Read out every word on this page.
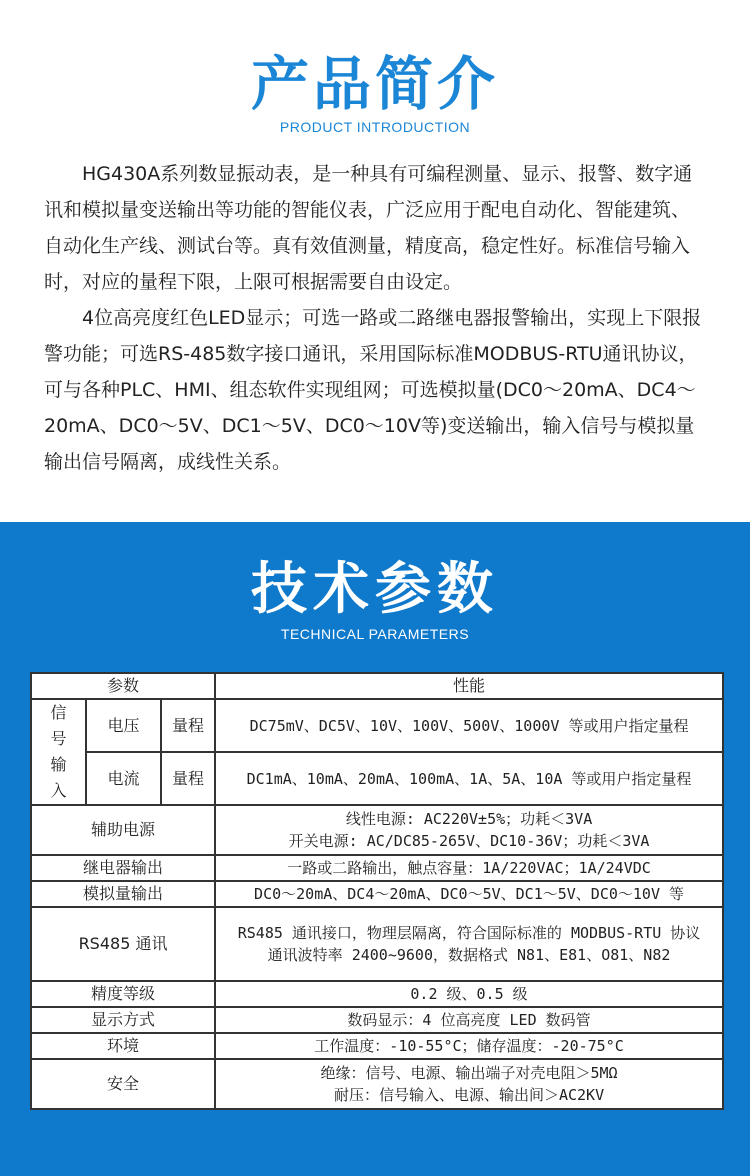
产品简介
PRODUCT INTRODUCTION

HG430A系列数显振动表，是一种具有可编程测量、显示、报警、数字通讯和模拟量变送输出等功能的智能仪表，广泛应用于配电自动化、智能建筑、自动化生产线、测试台等。真有效值测量，精度高，稳定性好。标准信号输入时，对应的量程下限，上限可根据需要自由设定。

4位高亮度红色LED显示；可选一路或二路继电器报警输出，实现上下限报警功能；可选RS-485数字接口通讯，采用国际标准MODBUS-RTU通讯协议，可与各种PLC、HMI、组态软件实现组网；可选模拟量(DC0～20mA、DC4～20mA、DC0～5V、DC1～5V、DC0～10V等)变送输出，输入信号与模拟量输出信号隔离，成线性关系。

技术参数
TECHNICAL PARAMETERS
参数			性能

信
号
输
入	电压	量程	DC75mV、DC5V、10V、100V、500V、1000V 等或用户指定量程
	电流	量程	DC1mA、10mA、20mA、100mA、1A、5A、10A 等或用户指定量程
辅助电源			线性电源: AC220V±5%；功耗＜3VA
开关电源: AC/DC85-265V、DC10-36V；功耗＜3VA

继电器输出			一路或二路输出，触点容量：1A/220VAC；1A/24VDC
模拟量输出			DC0～20mA、DC4～20mA、DC0～5V、DC1～5V、DC0～10V 等
RS485 通讯			RS485 通讯接口，物理层隔离，符合国际标准的 MODBUS-RTU 协议
通讯波特率 2400~9600，数据格式 N81、E81、O81、N82

精度等级			0.2 级、0.5 级
显示方式			数码显示：4 位高亮度 LED 数码管
环境			工作温度：-10-55°C；储存温度：-20-75°C
安全			绝缘：信号、电源、输出端子对壳电阻＞5MΩ
耐压：信号输入、电源、输出间＞AC2KV
